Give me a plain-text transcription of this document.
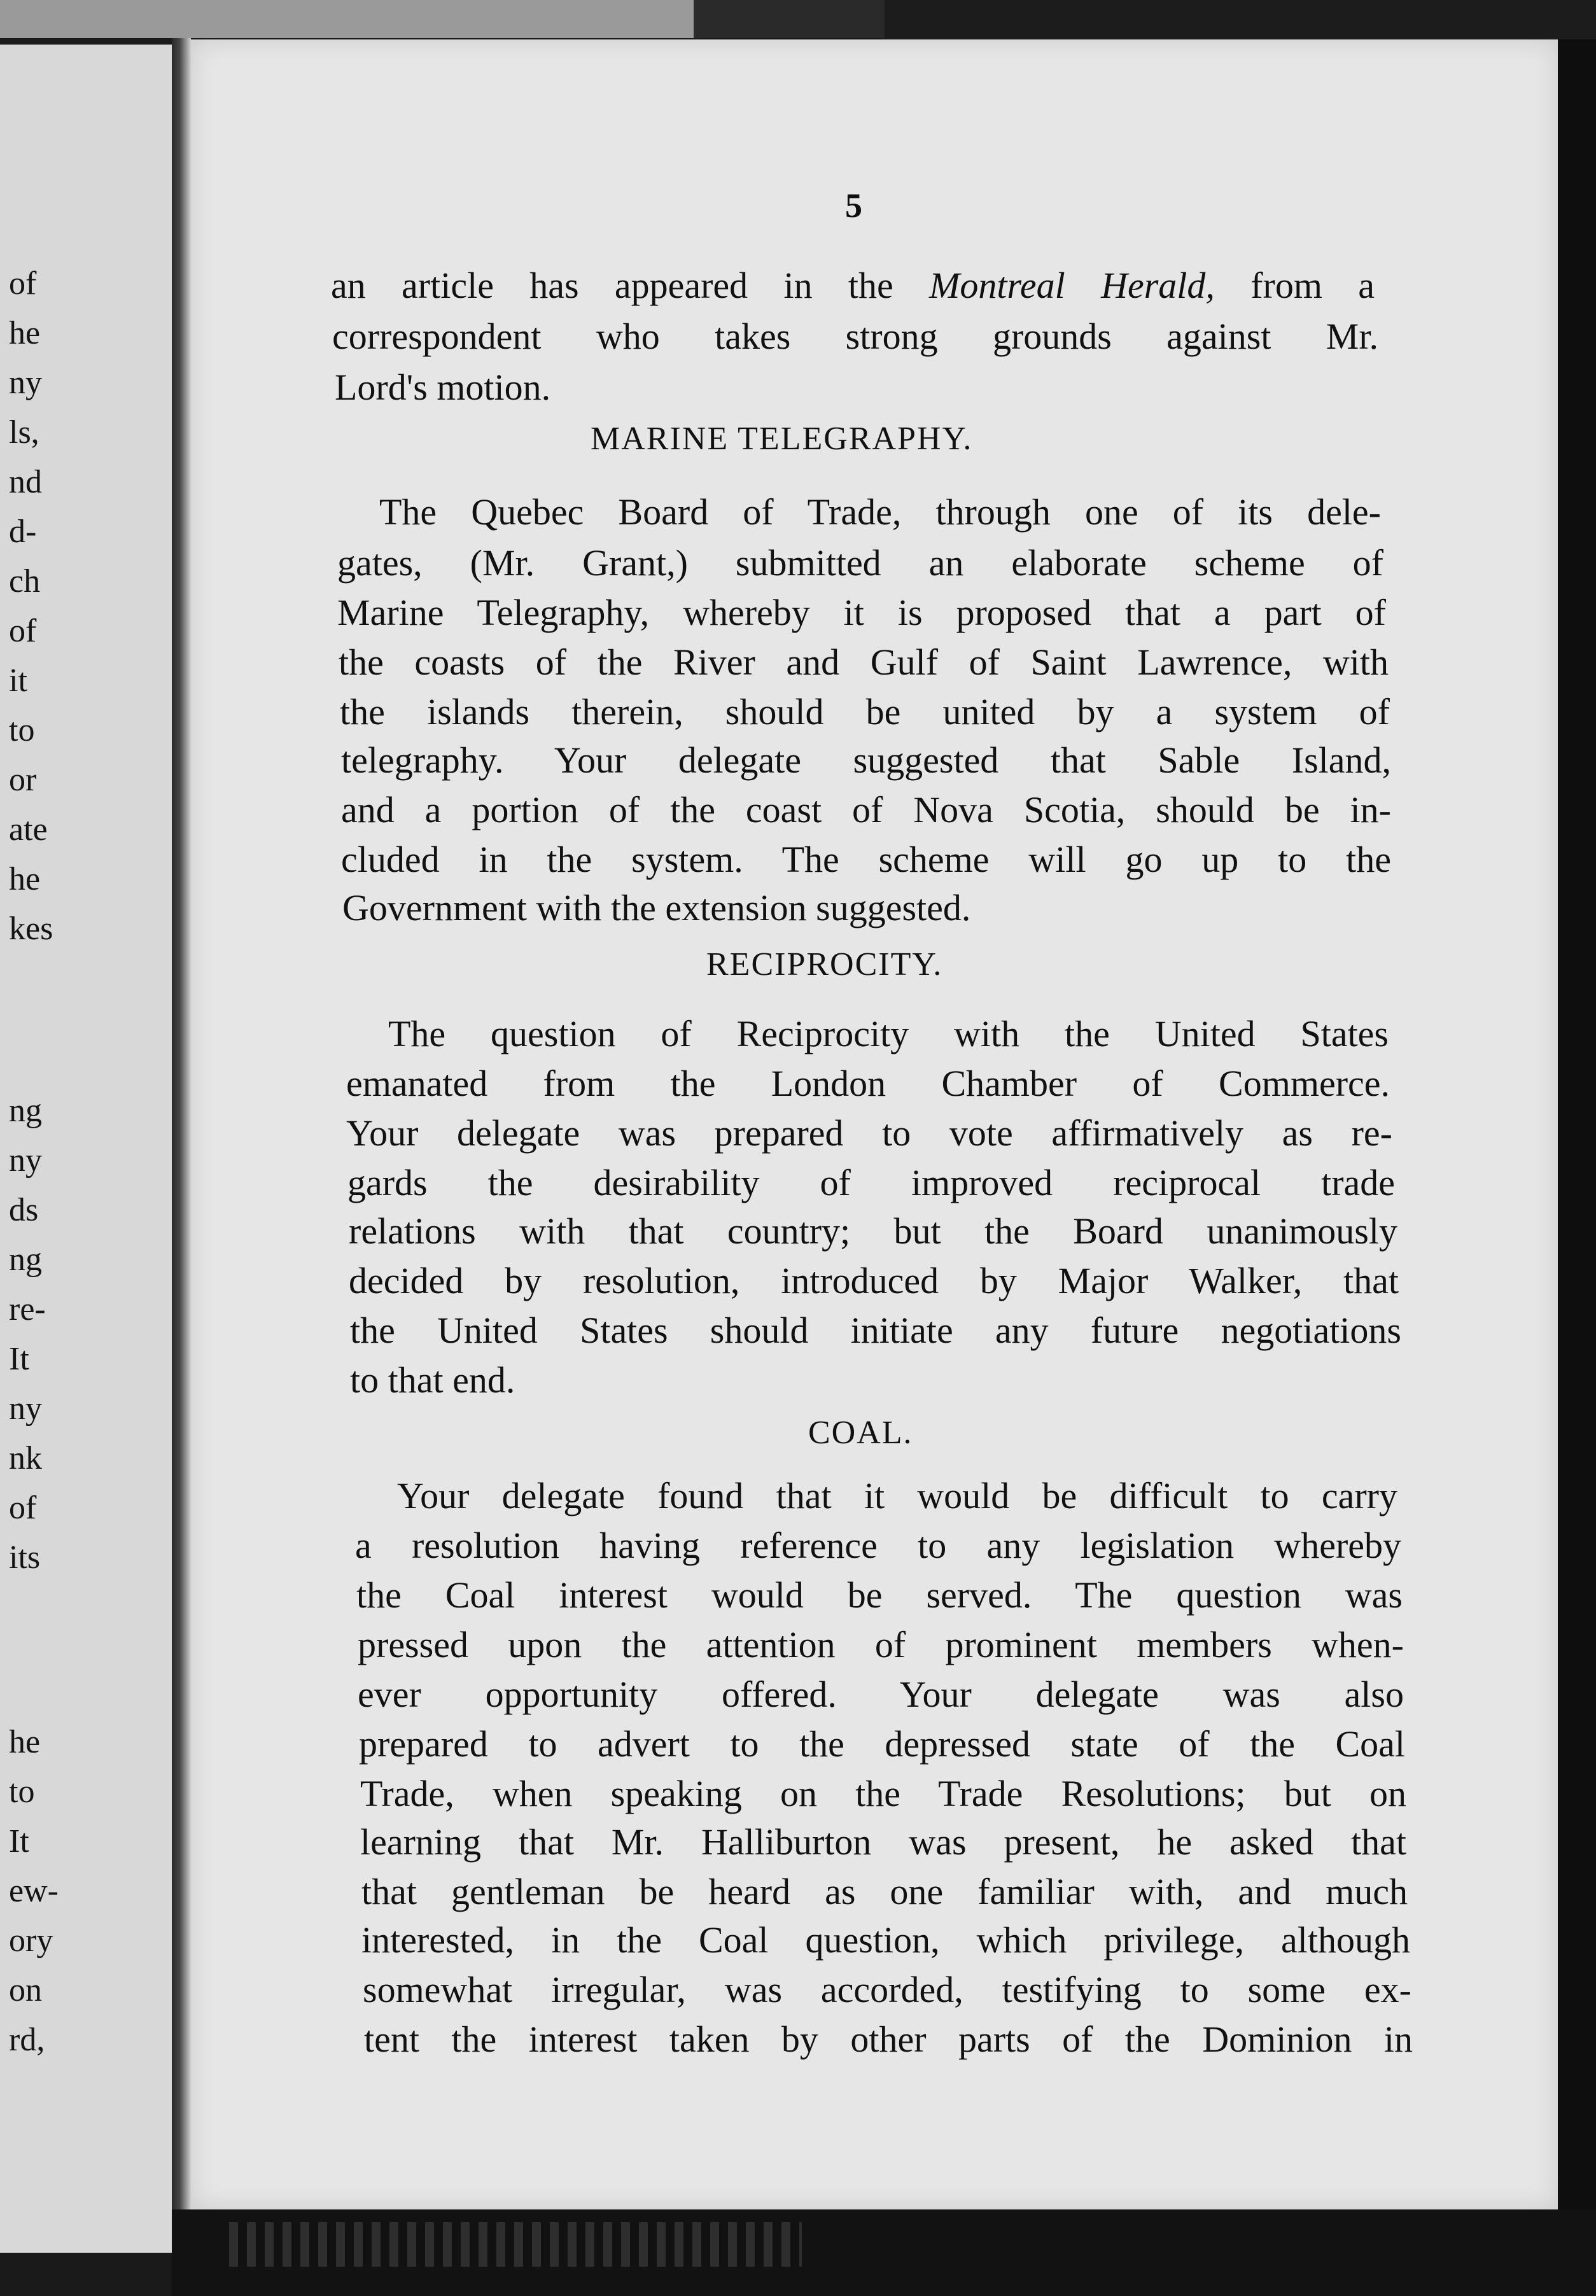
of
he
ny
ls,
nd
d-
ch
of
it
to
or
ate
he
kes
ng
ny
ds
ng
re-
It
ny
nk
of
its
he
to
It
ew-
ory
on
rd,
5
an article has appeared in the Montreal Herald, from a
correspondent who takes strong grounds against Mr.
Lord's motion.
MARINE TELEGRAPHY.
The Quebec Board of Trade, through one of its dele-
gates, (Mr. Grant,) submitted an elaborate scheme of
Marine Telegraphy, whereby it is proposed that a part of
the coasts of the River and Gulf of Saint Lawrence, with
the islands therein, should be united by a system of
telegraphy. Your delegate suggested that Sable Island,
and a portion of the coast of Nova Scotia, should be in-
cluded in the system. The scheme will go up to the
Government with the extension suggested.
RECIPROCITY.
The question of Reciprocity with the United States
emanated from the London Chamber of Commerce.
Your delegate was prepared to vote affirmatively as re-
gards the desirability of improved reciprocal trade
relations with that country; but the Board unanimously
decided by resolution, introduced by Major Walker, that
the United States should initiate any future negotiations
to that end.
COAL.
Your delegate found that it would be difficult to carry
a resolution having reference to any legislation whereby
the Coal interest would be served. The question was
pressed upon the attention of prominent members when-
ever opportunity offered. Your delegate was also
prepared to advert to the depressed state of the Coal
Trade, when speaking on the Trade Resolutions; but on
learning that Mr. Halliburton was present, he asked that
that gentleman be heard as one familiar with, and much
interested, in the Coal question, which privilege, although
somewhat irregular, was accorded, testifying to some ex-
tent the interest taken by other parts of the Dominion in
